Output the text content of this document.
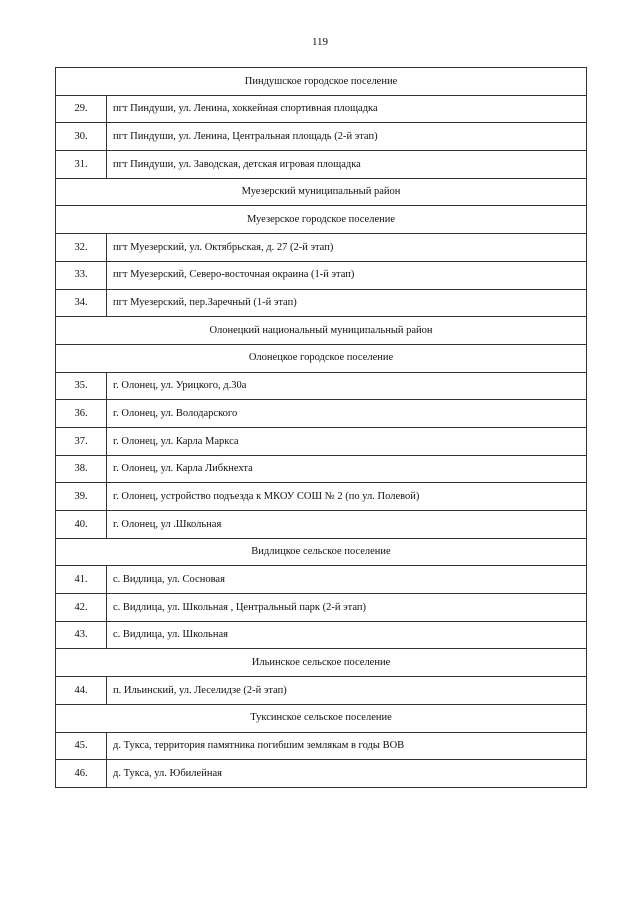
119
Пиндушское городское поселение	
29.	пгт Пиндуши, ул. Ленина, хоккейная спортивная площадка
30.	пгт Пиндуши, ул. Ленина, Центральная площадь (2-й этап)
31.	пгт Пиндуши, ул. Заводская, детская игровая площадка
Муезерский муниципальный район	
Муезерское городское поселение	
32.	пгт Муезерский, ул. Октябрьская, д. 27 (2-й этап)
33.	пгт Муезерский, Северо-восточная окраина (1-й этап)
34.	пгт Муезерский, пер.Заречный (1-й этап)
Олонецкий национальный муниципальный район	
Олонецкое городское поселение	
35.	г. Олонец, ул. Урицкого, д.30а
36.	г. Олонец, ул. Володарского
37.	г. Олонец, ул. Карла Маркса
38.	г. Олонец, ул. Карла Либкнехта
39.	г. Олонец, устройство подъезда к МКОУ СОШ № 2 (по ул. Полевой)
40.	г. Олонец, ул .Школьная
Видлицкое сельское поселение	
41.	с. Видлица, ул. Сосновая
42.	с. Видлица, ул. Школьная , Центральный парк (2-й этап)
43.	с. Видлица, ул. Школьная
Ильинское сельское поселение	
44.	п. Ильинский, ул. Леселидзе (2-й этап)
Туксинское сельское поселение	
45.	д. Тукса, территория памятника погибшим землякам в годы ВОВ
46.	д. Тукса, ул. Юбилейная
